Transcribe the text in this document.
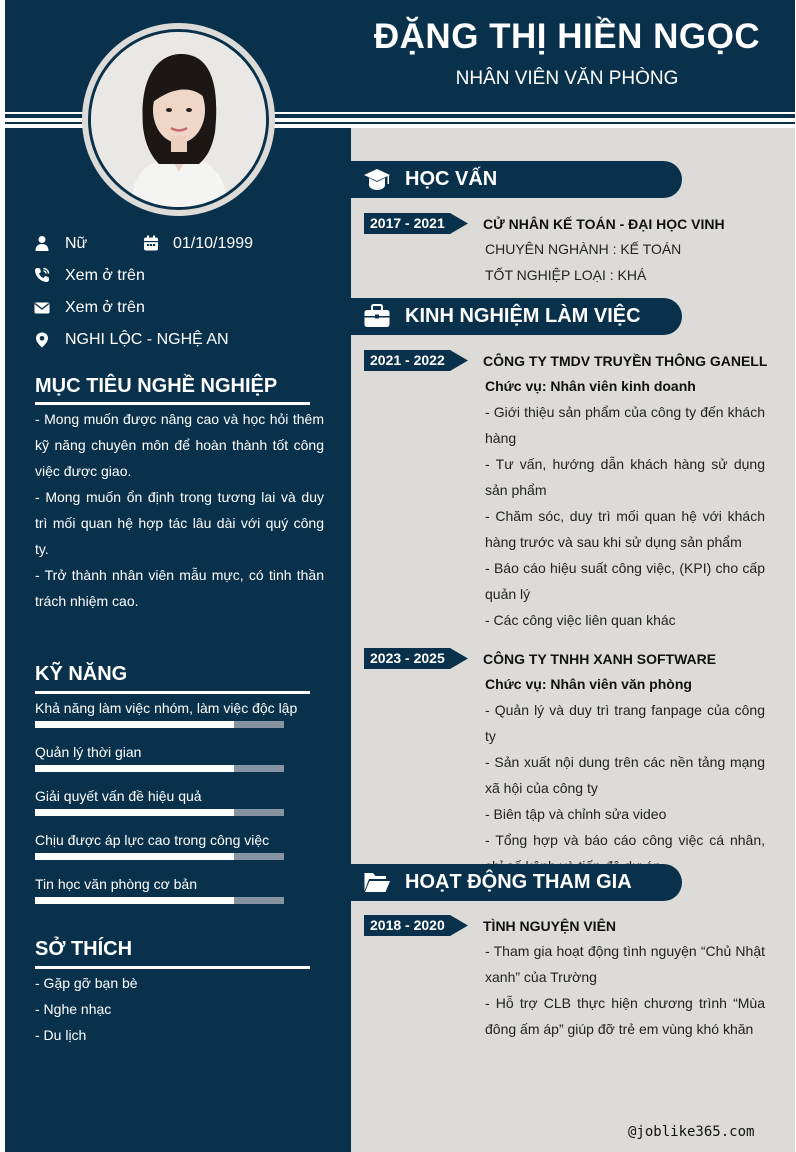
ĐẶNG THỊ HIỀN NGỌC
NHÂN VIÊN VĂN PHÒNG
Nữ	01/10/1999
Xem ở trên
Xem ở trên
NGHI LỘC - NGHỆ AN
MỤC TIÊU NGHỀ NGHIỆP

- Mong muốn được nâng cao và học hỏi thêm kỹ năng chuyên môn để hoàn thành tốt công việc được giao.

- Mong muốn ổn định trong tương lai và duy trì mối quan hệ hợp tác lâu dài với quý công ty.

- Trở thành nhân viên mẫu mực, có tinh thần trách nhiệm cao.

KỸ NĂNG
Khả năng làm việc nhóm, làm việc độc lập
Quản lý thời gian
Giải quyết vấn đề hiệu quả
Chịu được áp lực cao trong công việc
Tin học văn phòng cơ bản
SỞ THÍCH
- Gặp gỡ bạn bè
- Nghe nhạc
- Du lịch
HỌC VẤN
2017 - 2021	CỬ NHÂN KẾ TOÁN - ĐẠI HỌC VINH
CHUYÊN NGHÀNH : KẾ TOÁN
TỐT NGHIỆP LOẠI : KHÁ
KINH NGHIỆM LÀM VIỆC
2021 - 2022	CÔNG TY TMDV TRUYỀN THÔNG GANELL
Chức vụ: Nhân viên kinh doanh

- Giới thiệu sản phẩm của công ty đến khách hàng

- Tư vấn, hướng dẫn khách hàng sử dụng sản phẩm

- Chăm sóc, duy trì mối quan hệ với khách hàng trước và sau khi sử dụng sản phẩm

- Báo cáo hiệu suất công việc, (KPI) cho cấp quản lý

- Các công việc liên quan khác

2023 - 2025	CÔNG TY TNHH XANH SOFTWARE
Chức vụ: Nhân viên văn phòng

- Quản lý và duy trì trang fanpage của công ty

- Sản xuất nội dung trên các nền tảng mạng xã hội của công ty

- Biên tập và chỉnh sửa video

- Tổng hợp và báo cáo công việc cá nhân,

HOẠT ĐỘNG THAM GIA
2018 - 2020	TÌNH NGUYỆN VIÊN

- Tham gia hoạt động tình nguyện “Chủ Nhật xanh” của Trường

- Hỗ trợ CLB thực hiện chương trình “Mùa đông ấm áp” giúp đỡ trẻ em vùng khó khăn

@joblike365.com
